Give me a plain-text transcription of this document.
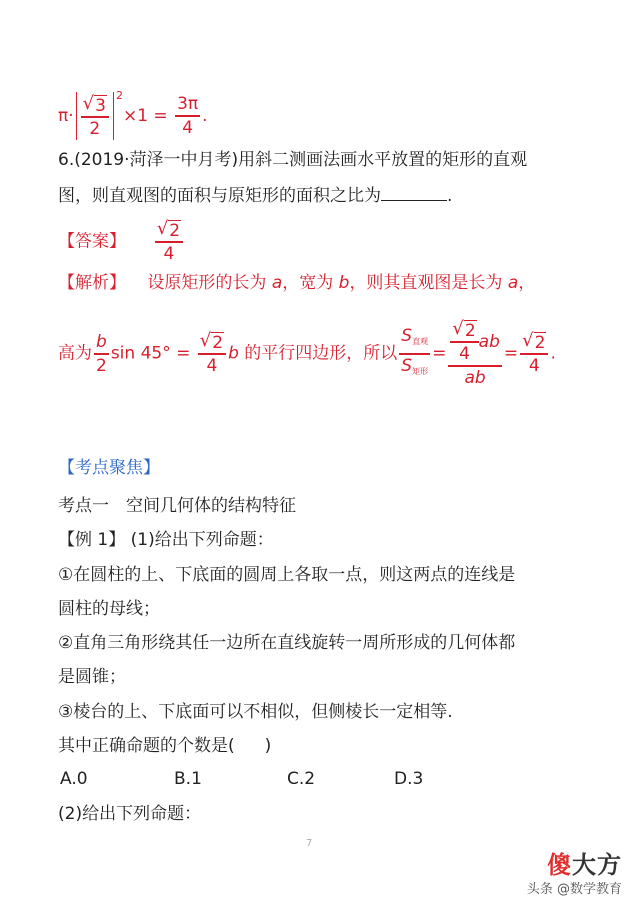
$\pi\cdot \frac{√ 3}{2} ^2\times 1 = \frac{3\pi}{4}$ .
6.(2019·菏泽一中月考)用斜二测画法画水平放置的矩形的直观
图，则直观图的面积与原矩形的面积之比为	.
【答案】 $\frac{√ 2}{4}$
【解析】 设原矩形的长为 a，宽为 b，则其直观图是长为 a，
高为 $\frac{b}{2}$ $\sin 45^\circ = \frac{√ 2}{4}$ b 的平行四边形，所以 $\frac{S_{直观}}{S_{矩形}} = \frac{\frac{√ 2}{4} ab}{ab} = \frac{√ 2}{4}$ .
【考点聚焦】
考点一　空间几何体的结构特征
【例 1】 (1)给出下列命题：
①在圆柱的上、下底面的圆周上各取一点，则这两点的连线是
圆柱的母线；
②直角三角形绕其任一边所在直线旋转一周所形成的几何体都
是圆锥；
③棱台的上、下底面可以不相似，但侧棱长一定相等.
其中正确命题的个数是( )
A.0	B.1	C.2	D.3
(2)给出下列命题：
7
傻大方
头条 @数学教育
